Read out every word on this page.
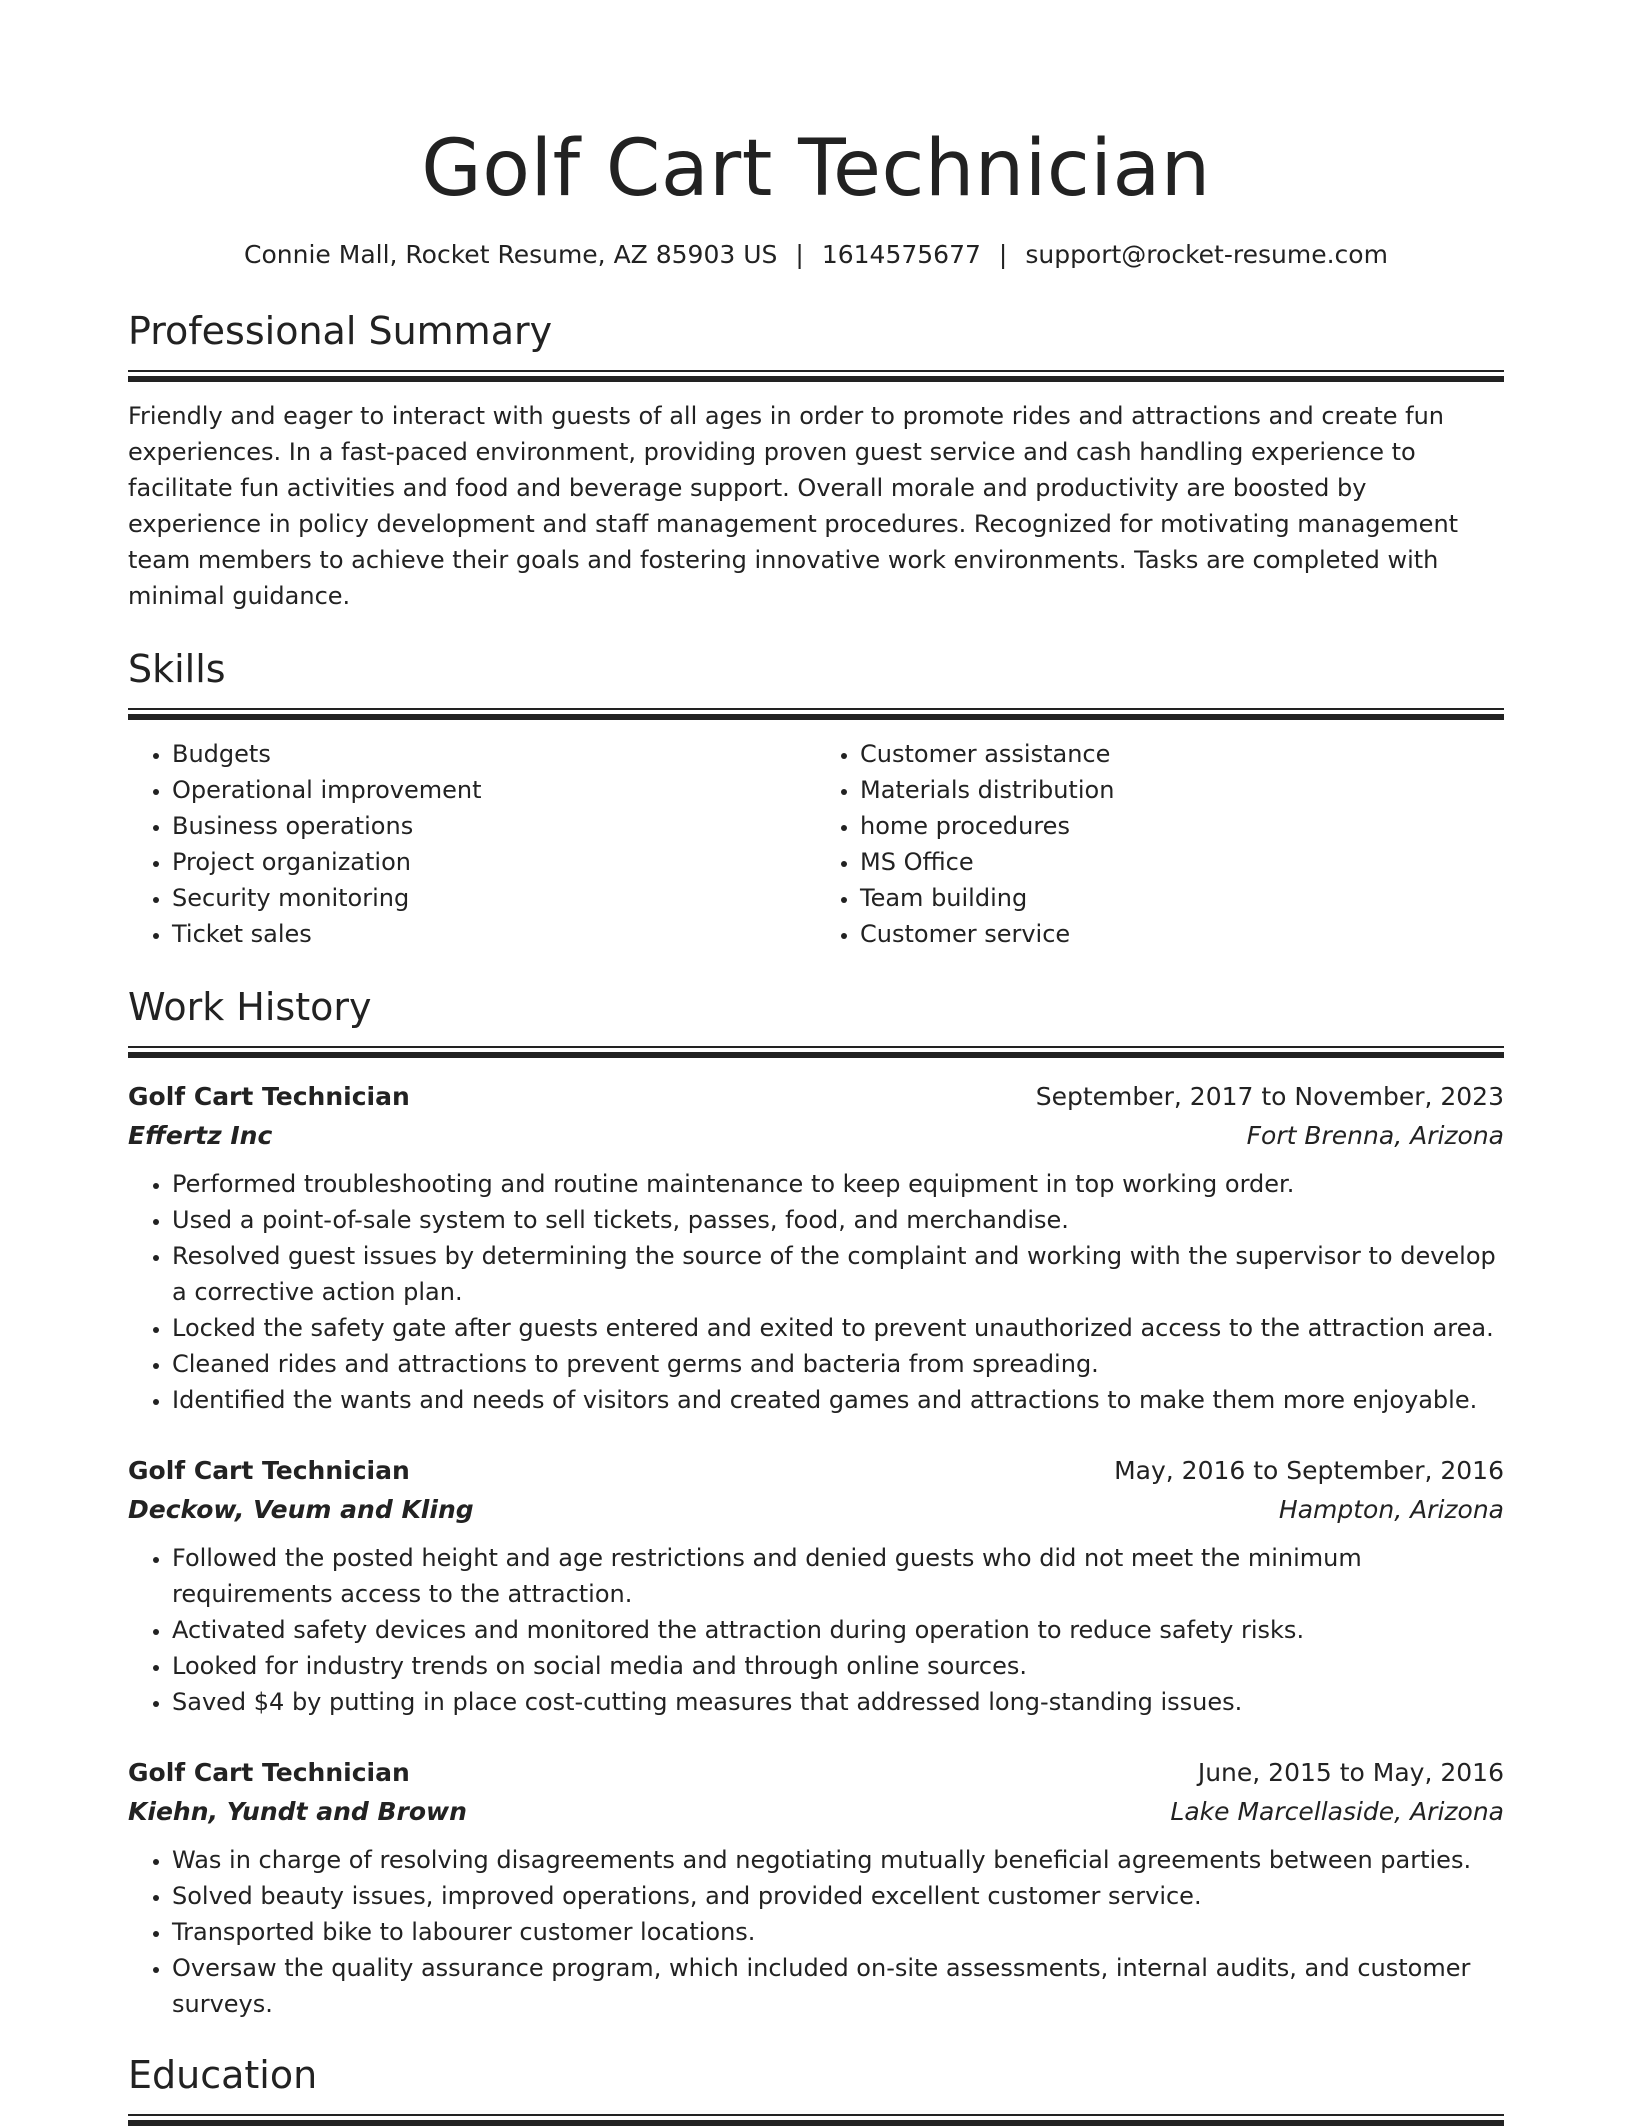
Golf Cart Technician
Connie Mall, Rocket Resume, AZ 85903 US | 1614575677 | support@rocket-resume.com
Professional Summary

Friendly and eager to interact with guests of all ages in order to promote rides and attractions and create fun experiences. In a fast-paced environment, providing proven guest service and cash handling experience to facilitate fun activities and food and beverage support. Overall morale and productivity are boosted by experience in policy development and staff management procedures. Recognized for motivating management team members to achieve their goals and fostering innovative work environments. Tasks are completed with minimal guidance.

Skills
• Budgets
• Operational improvement
• Business operations
• Project organization
• Security monitoring
• Ticket sales
• Customer assistance
• Materials distribution
• home procedures
• MS Office
• Team building
• Customer service
Work History
Golf Cart Technician	September, 2017 to November, 2023
Effertz Inc	Fort Brenna, Arizona
• Performed troubleshooting and routine maintenance to keep equipment in top working order.
• Used a point-of-sale system to sell tickets, passes, food, and merchandise.
• Resolved guest issues by determining the source of the complaint and working with the supervisor to develop a corrective action plan.
• Locked the safety gate after guests entered and exited to prevent unauthorized access to the attraction area.
• Cleaned rides and attractions to prevent germs and bacteria from spreading.
• Identified the wants and needs of visitors and created games and attractions to make them more enjoyable.
Golf Cart Technician	May, 2016 to September, 2016
Deckow, Veum and Kling	Hampton, Arizona
• Followed the posted height and age restrictions and denied guests who did not meet the minimum requirements access to the attraction.
• Activated safety devices and monitored the attraction during operation to reduce safety risks.
• Looked for industry trends on social media and through online sources.
• Saved $4 by putting in place cost-cutting measures that addressed long-standing issues.
Golf Cart Technician	June, 2015 to May, 2016
Kiehn, Yundt and Brown	Lake Marcellaside, Arizona
• Was in charge of resolving disagreements and negotiating mutually beneficial agreements between parties.
• Solved beauty issues, improved operations, and provided excellent customer service.
• Transported bike to labourer customer locations.
• Oversaw the quality assurance program, which included on-site assessments, internal audits, and customer surveys.
Education
